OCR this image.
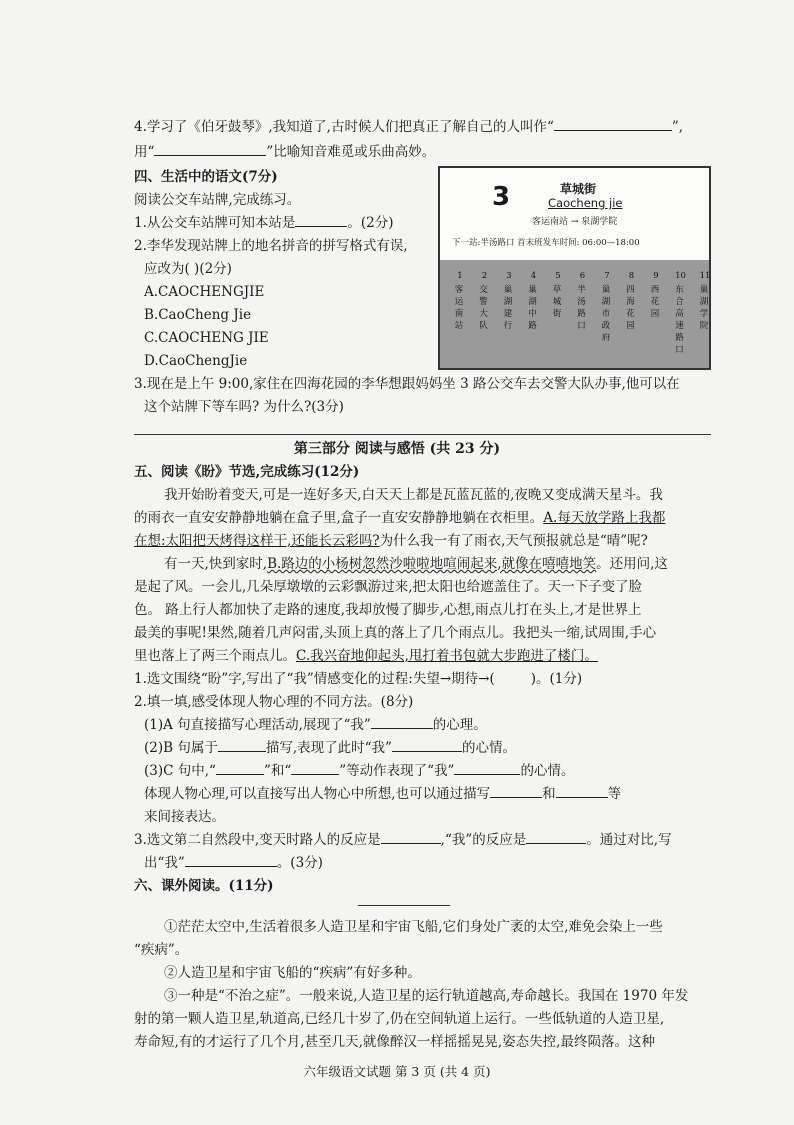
4.学习了《伯牙鼓琴》,我知道了,古时候人们把真正了解自己的人叫作“	”,
用“	”比喻知音难觅或乐曲高妙。
四、生活中的语文(7分)
阅读公交车站牌,完成练习。
1.从公交车站牌可知本站是	。(2分)
2.李华发现站牌上的地名拼音的拼写格式有误,
应改为( )(2分)
A.CAOCHENGJIE
B.CaoCheng Jie
C.CAOCHENG JIE
D.CaoChengJie
3.现在是上午 9:00,家住在四海花园的李华想跟妈妈坐 3 路公交车去交警大队办事,他可以在
这个站牌下等车吗? 为什么?(3分)
3	草城街
Caocheng jie
客运南站 → 泉湖学院
下一站:半汤路口 首末班发车时间: 06:00—18:00
1
客运南站
2
交警大队
3
巢湖建行
4
巢湖中路
5
草城街
6
半汤路口
7
巢湖市政府
8
四海花园
9
西花园
10
东合高速路口
11
巢湖学院
第三部分 阅读与感悟 (共 23 分)
五、阅读《盼》节选,完成练习(12分)
我开始盼着变天,可是一连好多天,白天天上都是瓦蓝瓦蓝的,夜晚又变成满天星斗。我
的雨衣一直安安静静地躺在盒子里,盒子一直安安静静地躺在衣柜里。A.每天放学路上我都
在想:太阳把天烤得这样干,还能长云彩吗?为什么我一有了雨衣,天气预报就总是“晴”呢?
有一天,快到家时,B.路边的小杨树忽然沙啦啦地喧闹起来,就像在嘻嘻地笑。还用问,这
是起了风。一会儿,几朵厚墩墩的云彩飘游过来,把太阳也给遮盖住了。天一下子变了脸
色。 路上行人都加快了走路的速度,我却放慢了脚步,心想,雨点儿打在头上,才是世界上
最美的事呢!果然,随着几声闷雷,头顶上真的落上了几个雨点儿。我把头一缩,试周围,手心
里也落上了两三个雨点儿。C.我兴奋地仰起头,甩打着书包就大步跑进了楼门。
1.选文围绕“盼”字,写出了“我”情感变化的过程:失望→期待→(	)。(1分)
2.填一填,感受体现人物心理的不同方法。(8分)
(1)A 句直接描写心理活动,展现了“我”	的心理。
(2)B 句属于	描写,表现了此时“我”	的心情。
(3)C 句中,“	”和“	”等动作表现了“我”	的心情。
体现人物心理,可以直接写出人物心中所想,也可以通过描写	和	等
来间接表达。
3.选文第二自然段中,变天时路人的反应是	,“我”的反应是	。通过对比,写
出“我”	。(3分)
六、课外阅读。(11分)
①茫茫太空中,生活着很多人造卫星和宇宙飞船,它们身处广袤的太空,难免会染上一些
“疾病”。
②人造卫星和宇宙飞船的“疾病”有好多种。
③一种是“不治之症”。一般来说,人造卫星的运行轨道越高,寿命越长。我国在 1970 年发
射的第一颗人造卫星,轨道高,已经几十岁了,仍在空间轨道上运行。一些低轨道的人造卫星,
寿命短,有的才运行了几个月,甚至几天,就像醉汉一样摇摇晃晃,姿态失控,最终陨落。这种
六年级语文试题 第 3 页 (共 4 页)
